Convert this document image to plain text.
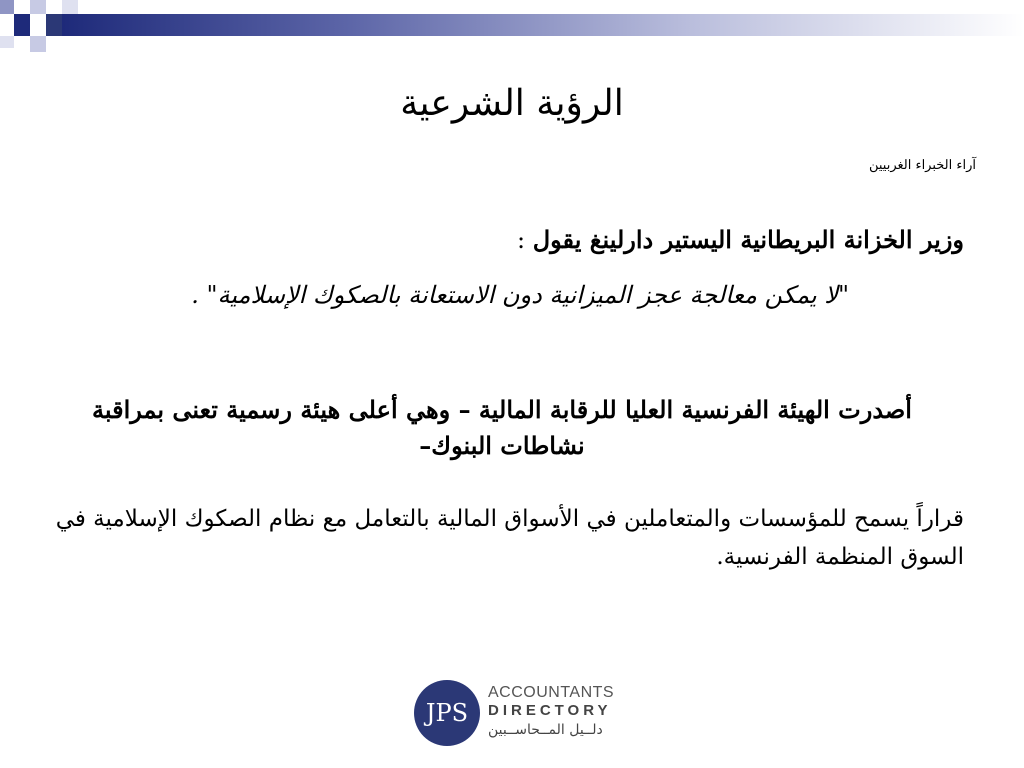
الرؤية الشرعية
آراء الخبراء الغربيين
وزير الخزانة البريطانية اليستير دارلينغ يقول :
"لا يمكن معالجة عجز الميزانية دون الاستعانة بالصكوك الإسلامية" .
أصدرت الهيئة الفرنسية العليا للرقابة المالية – وهي أعلى هيئة رسمية تعنى بمراقبة نشاطات البنوك–
قراراً يسمح للمؤسسات والمتعاملين في الأسواق المالية بالتعامل مع نظام الصكوك الإسلامية في السوق المنظمة الفرنسية.
JPS
ACCOUNTANTS
DIRECTORY
دلــيل المــحاســبين
